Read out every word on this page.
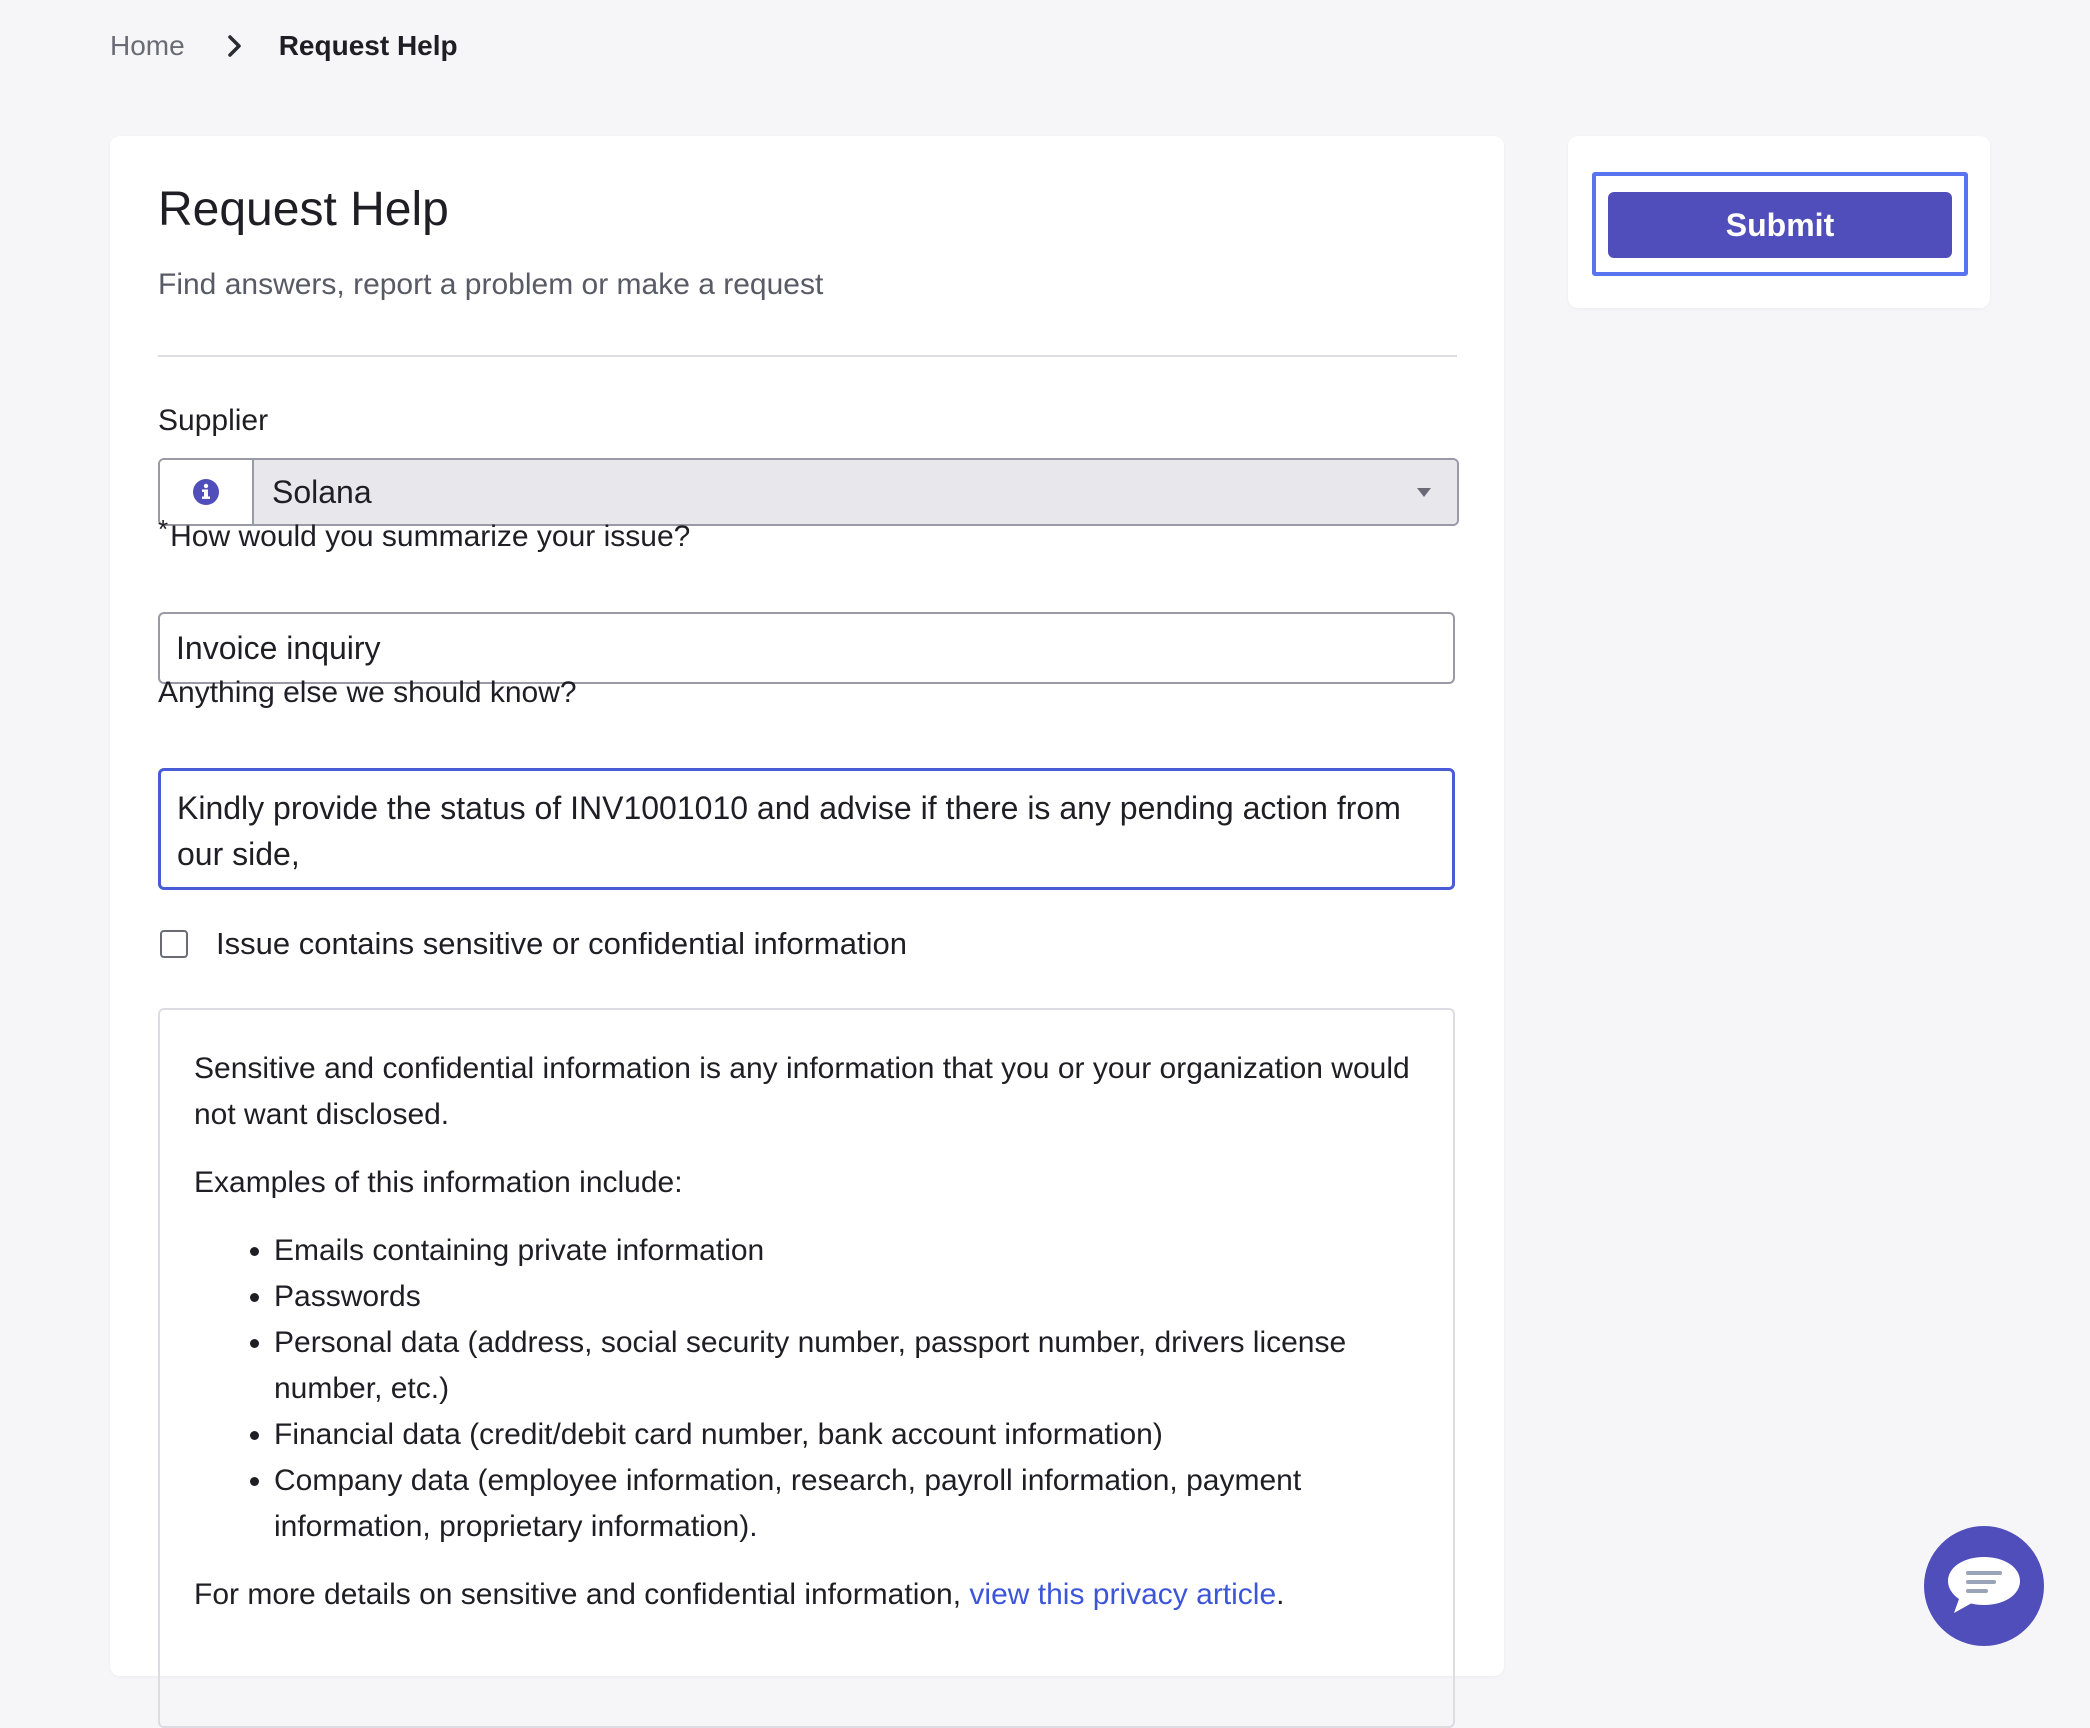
Home	Request Help
Request Help
Find answers, report a problem or make a request
Supplier
Solana
*How would you summarize your issue?
Invoice inquiry
Anything else we should know?
Kindly provide the status of INV1001010 and advise if there is any pending action from our side,
Issue contains sensitive or confidential information

Sensitive and confidential information is any information that you or your organization would not want disclosed.

Examples of this information include:

• Emails containing private information
• Passwords
• Personal data (address, social security number, passport number, drivers license number, etc.)
• Financial data (credit/debit card number, bank account information)
• Company data (employee information, research, payroll information, payment information, proprietary information).

For more details on sensitive and confidential information, view this privacy article.

Submit
